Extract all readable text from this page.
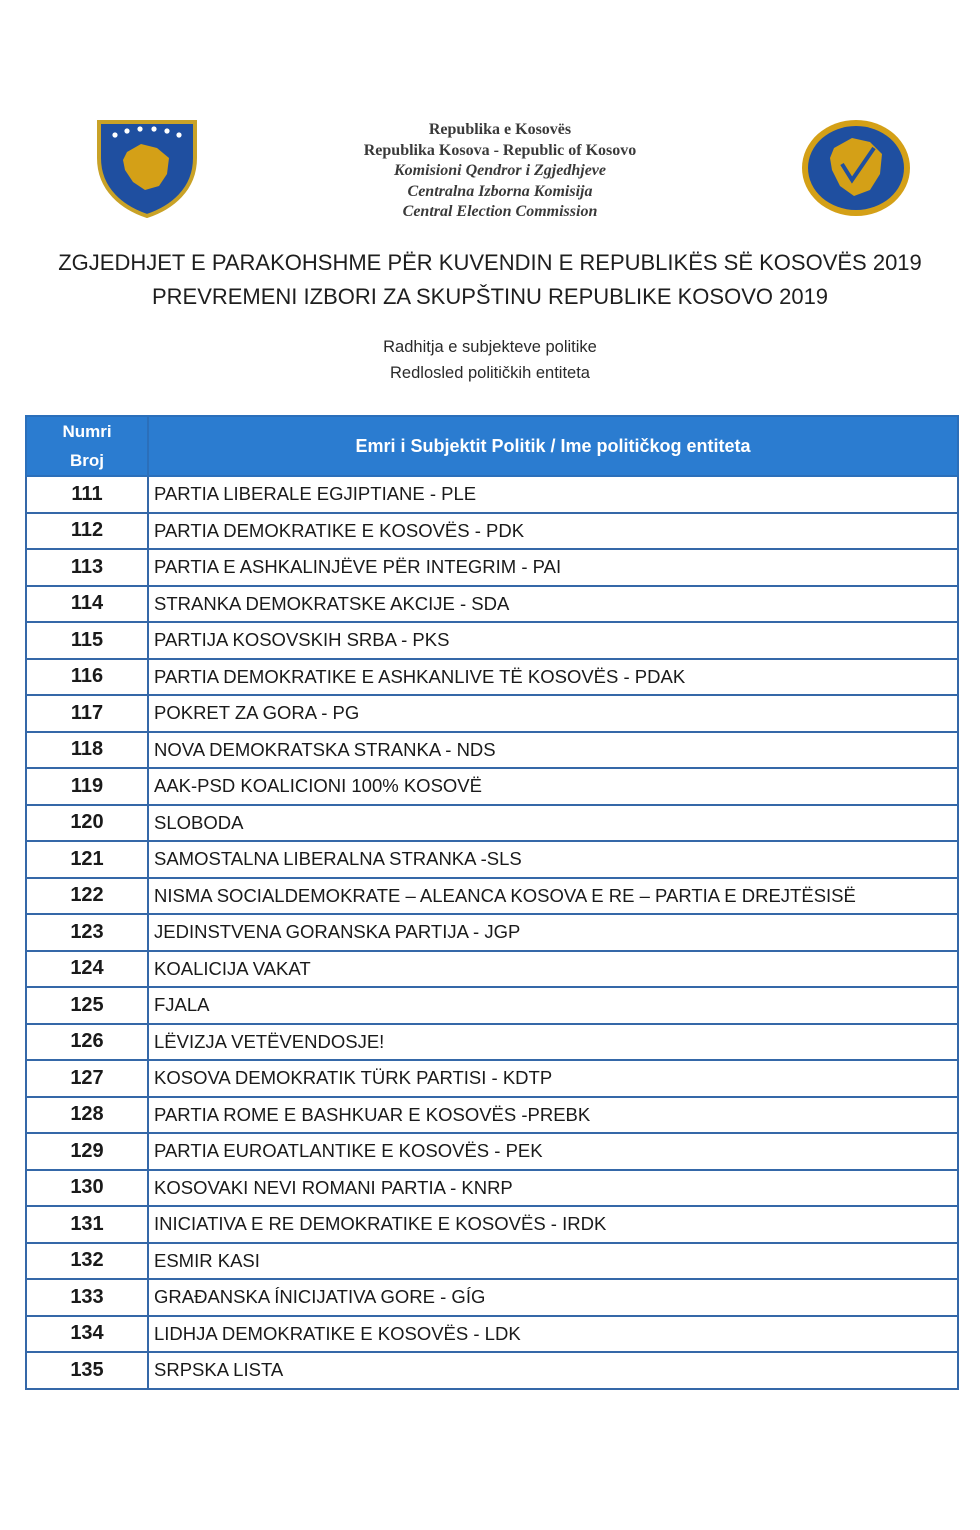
Republika e Kosovës
Republika Kosova - Republic of Kosovo
Komisioni Qendror i Zgjedhjeve
Centralna Izborna Komisija
Central Election Commission
ZGJEDHJET E PARAKOHSHME PËR KUVENDIN E REPUBLIKËS SË KOSOVËS 2019
PREVREMENI IZBORI ZA SKUPŠTINU REPUBLIKE KOSOVO 2019
Radhitja e subjekteve politike
Redlosled političkih entiteta
Numri
Broj	Emri i Subjektit Politik / Ime političkog entiteta
111	PARTIA LIBERALE EGJIPTIANE - PLE
112	PARTIA DEMOKRATIKE E KOSOVËS - PDK
113	PARTIA E ASHKALINJËVE PËR INTEGRIM - PAI
114	STRANKA DEMOKRATSKE AKCIJE - SDA
115	PARTIJA KOSOVSKIH SRBA - PKS
116	PARTIA DEMOKRATIKE E ASHKANLIVE TË KOSOVËS - PDAK
117	POKRET ZA GORA - PG
118	NOVA DEMOKRATSKA STRANKA - NDS
119	AAK-PSD KOALICIONI 100% KOSOVË
120	SLOBODA
121	SAMOSTALNA LIBERALNA STRANKA -SLS
122	NISMA SOCIALDEMOKRATE – ALEANCA KOSOVA E RE – PARTIA E DREJTËSISË
123	JEDINSTVENA GORANSKA PARTIJA - JGP
124	KOALICIJA VAKAT
125	FJALA
126	LËVIZJA VETËVENDOSJE!
127	KOSOVA DEMOKRATIK TÜRK PARTISI - KDTP
128	PARTIA ROME E BASHKUAR E KOSOVËS -PREBK
129	PARTIA EUROATLANTIKE E KOSOVËS - PEK
130	KOSOVAKI NEVI ROMANI PARTIA - KNRP
131	INICIATIVA E RE DEMOKRATIKE E KOSOVËS - IRDK
132	ESMIR KASI
133	GRAĐANSKA ÍNICIJATIVA GORE - GÍG
134	LIDHJA DEMOKRATIKE E KOSOVËS - LDK
135	SRPSKA LISTA
